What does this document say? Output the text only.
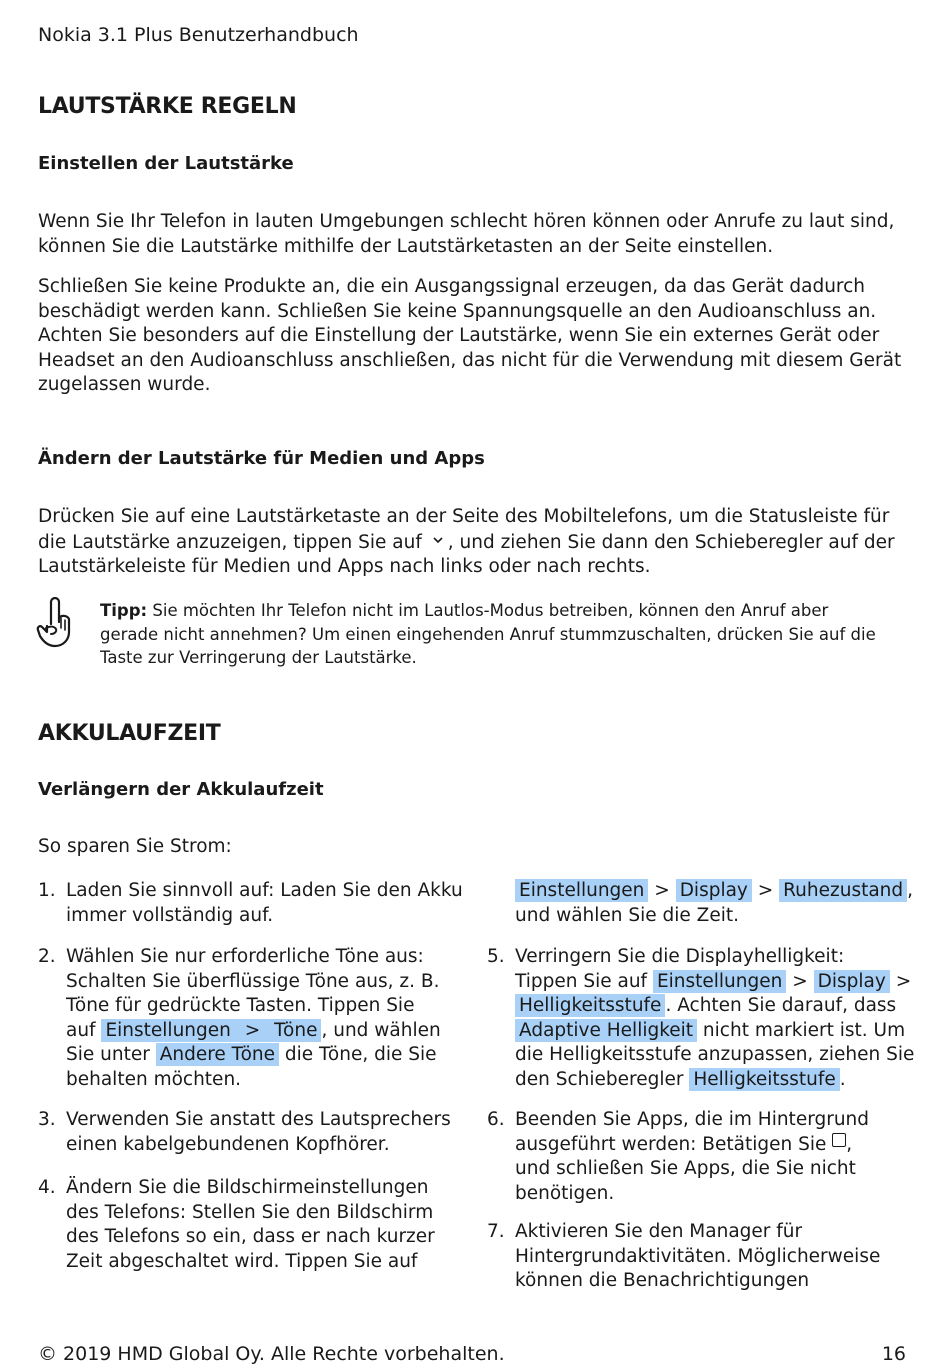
Nokia 3.1 Plus Benutzerhandbuch
LAUTSTÄRKE REGELN
Einstellen der Lautstärke
Wenn Sie Ihr Telefon in lauten Umgebungen schlecht hören können oder Anrufe zu laut sind,
können Sie die Lautstärke mithilfe der Lautstärketasten an der Seite einstellen.
Schließen Sie keine Produkte an, die ein Ausgangssignal erzeugen, da das Gerät dadurch
beschädigt werden kann. Schließen Sie keine Spannungsquelle an den Audioanschluss an.
Achten Sie besonders auf die Einstellung der Lautstärke, wenn Sie ein externes Gerät oder
Headset an den Audioanschluss anschließen, das nicht für die Verwendung mit diesem Gerät
zugelassen wurde.
Ändern der Lautstärke für Medien und Apps
Drücken Sie auf eine Lautstärketaste an der Seite des Mobiltelefons, um die Statusleiste für
die Lautstärke anzuzeigen, tippen Sie auf , und ziehen Sie dann den Schieberegler auf der
Lautstärkeleiste für Medien und Apps nach links oder nach rechts.
Tipp: Sie möchten Ihr Telefon nicht im Lautlos-Modus betreiben, können den Anruf aber
gerade nicht annehmen? Um einen eingehenden Anruf stummzuschalten, drücken Sie auf die
Taste zur Verringerung der Lautstärke.
AKKULAUFZEIT
Verlängern der Akkulaufzeit
So sparen Sie Strom:
1. Laden Sie sinnvoll auf: Laden Sie den Akku
immer vollständig auf.
2. Wählen Sie nur erforderliche Töne aus:
Schalten Sie überflüssige Töne aus, z. B.
Töne für gedrückte Tasten. Tippen Sie
auf Einstellungen > Töne , und wählen
Sie unter Andere Töne die Töne, die Sie
behalten möchten.
3. Verwenden Sie anstatt des Lautsprechers
einen kabelgebundenen Kopfhörer.
4. Ändern Sie die Bildschirmeinstellungen
des Telefons: Stellen Sie den Bildschirm
des Telefons so ein, dass er nach kurzer
Zeit abgeschaltet wird. Tippen Sie auf
Einstellungen > Display > Ruhezustand ,
und wählen Sie die Zeit.
5. Verringern Sie die Displayhelligkeit:
Tippen Sie auf Einstellungen > Display >
Helligkeitsstufe . Achten Sie darauf, dass
Adaptive Helligkeit nicht markiert ist. Um
die Helligkeitsstufe anzupassen, ziehen Sie
den Schieberegler Helligkeitsstufe .
6. Beenden Sie Apps, die im Hintergrund
ausgeführt werden: Betätigen Sie ,
und schließen Sie Apps, die Sie nicht
benötigen.
7. Aktivieren Sie den Manager für
Hintergrundaktivitäten. Möglicherweise
können die Benachrichtigungen
© 2019 HMD Global Oy. Alle Rechte vorbehalten.	16
